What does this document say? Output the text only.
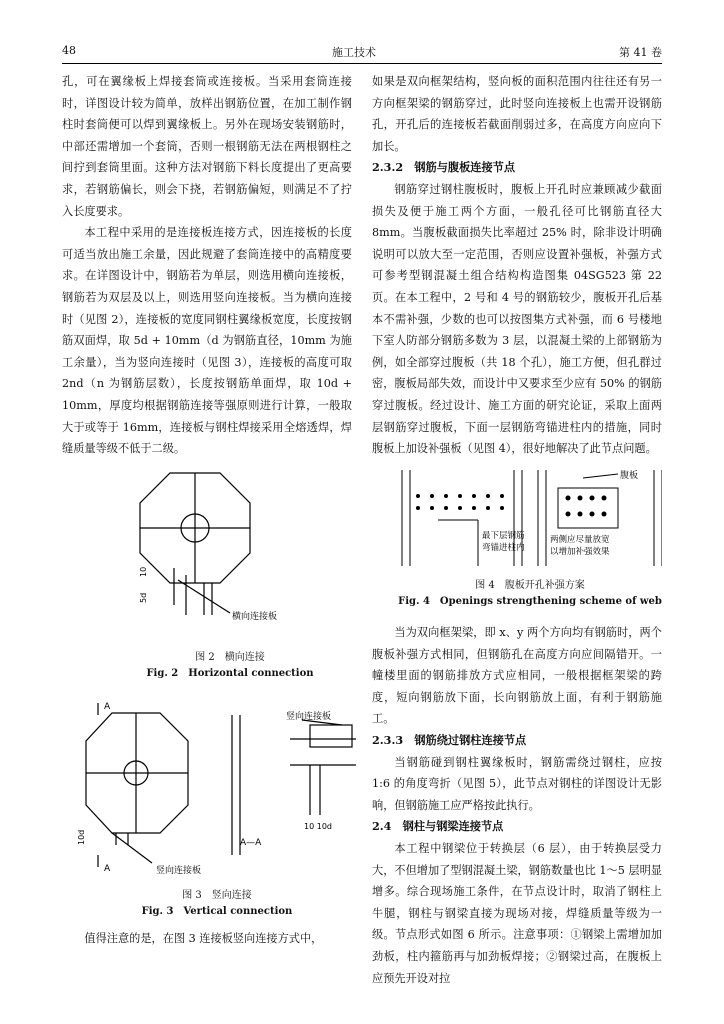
48	施工技术	第 41 卷

孔，可在翼缘板上焊接套筒或连接板。当采用套筒连接时，详图设计较为简单，放样出钢筋位置，在加工制作钢柱时套筒便可以焊到翼缘板上。另外在现场安装钢筋时，中部还需增加一个套筒，否则一根钢筋无法在两根钢柱之间拧到套筒里面。这种方法对钢筋下料长度提出了更高要求，若钢筋偏长，则会下挠，若钢筋偏短，则满足不了拧入长度要求。

本工程中采用的是连接板连接方式，因连接板的长度可适当放出施工余量，因此规避了套筒连接中的高精度要求。在详图设计中，钢筋若为单层，则选用横向连接板，钢筋若为双层及以上，则选用竖向连接板。当为横向连接时（见图 2），连接板的宽度同钢柱翼缘板宽度，长度按钢筋双面焊，取 5d + 10mm（d 为钢筋直径，10mm 为施工余量），当为竖向连接时（见图 3），连接板的高度可取 2nd（n 为钢筋层数），长度按钢筋单面焊，取 10d + 10mm，厚度均根据钢筋连接等强原则进行计算，一般取大于或等于 16mm，连接板与钢柱焊接采用全熔透焊，焊缝质量等级不低于二级。

横向连接板
10
5d
图 2　横向连接
Fig. 2　Horizontal connection
A
A
竖向连接板
竖向连接板
A—A
10 10d
10d
图 3　竖向连接
Fig. 3　Vertical connection

值得注意的是，在图 3 连接板竖向连接方式中，

如果是双向框架结构，竖向板的面积范围内往往还有另一方向框架梁的钢筋穿过，此时竖向连接板上也需开设钢筋孔，开孔后的连接板若截面削弱过多，在高度方向应向下加长。

2.3.2　钢筋与腹板连接节点

钢筋穿过钢柱腹板时，腹板上开孔时应兼顾减少截面损失及便于施工两个方面，一般孔径可比钢筋直径大 8mm。当腹板截面损失比率超过 25% 时，除非设计明确说明可以放大至一定范围，否则应设置补强板，补强方式可参考型钢混凝土组合结构构造图集 04SG523 第 22 页。在本工程中，2 号和 4 号的钢筋较少，腹板开孔后基本不需补强，少数的也可以按图集方式补强，而 6 号楼地下室人防部分钢筋多数为 3 层，以混凝土梁的上部钢筋为例，如全部穿过腹板（共 18 个孔），施工方便，但孔群过密，腹板局部失效，而设计中又要求至少应有 50% 的钢筋穿过腹板。经过设计、施工方面的研究论证，采取上面两层钢筋穿过腹板，下面一层钢筋弯锚进柱内的措施，同时腹板上加设补强板（见图 4），很好地解决了此节点问题。

腹板
最下层钢筋
弯锚进柱内
两侧应尽量放宽
以增加补强效果
图 4　腹板开孔补强方案
Fig. 4　Openings strengthening scheme of web

当为双向框架梁，即 x、y 两个方向均有钢筋时，两个腹板补强方式相同，但钢筋孔在高度方向应间隔错开。一幢楼里面的钢筋排放方式应相同，一般根据框架梁的跨度，短向钢筋放下面，长向钢筋放上面，有利于钢筋施工。

2.3.3　钢筋绕过钢柱连接节点

当钢筋碰到钢柱翼缘板时，钢筋需绕过钢柱，应按 1:6 的角度弯折（见图 5），此节点对钢柱的详图设计无影响，但钢筋施工应严格按此执行。

2.4　钢柱与钢梁连接节点

本工程中钢梁位于转换层（6 层），由于转换层受力大，不但增加了型钢混凝土梁，钢筋数量也比 1～5 层明显增多。综合现场施工条件，在节点设计时，取消了钢柱上牛腿，钢柱与钢梁直接为现场对接，焊缝质量等级为一级。节点形式如图 6 所示。注意事项：①钢梁上需增加加劲板，柱内箍筋再与加劲板焊接；②钢梁过高，在腹板上应预先开设对拉
